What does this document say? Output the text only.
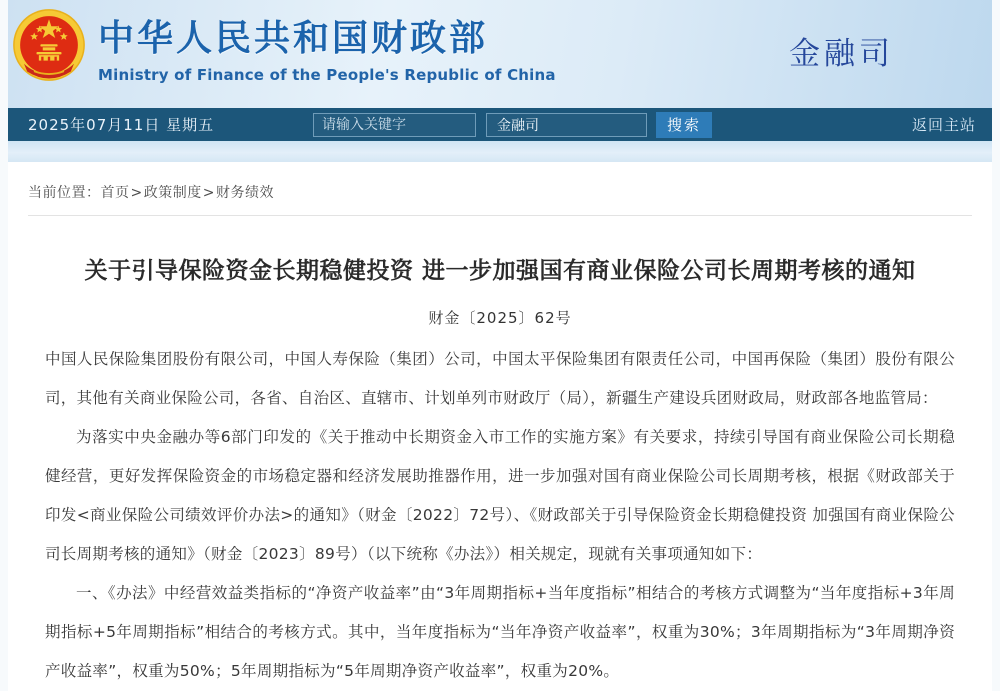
中华人民共和国财政部
Ministry of Finance of the People's Republic of China
金融司
2025年07月11日 星期五
请输入关键字	金融司	搜索	返回主站
当前位置：首页>政策制度>财务绩效
关于引导保险资金长期稳健投资 进一步加强国有商业保险公司长周期考核的通知
财金〔2025〕62号

中国人民保险集团股份有限公司，中国人寿保险（集团）公司，中国太平保险集团有限责任公司，中国再保险（集团）股份有限公司，其他有关商业保险公司，各省、自治区、直辖市、计划单列市财政厅（局），新疆生产建设兵团财政局，财政部各地监管局：

为落实中央金融办等6部门印发的《关于推动中长期资金入市工作的实施方案》有关要求，持续引导国有商业保险公司长期稳健经营，更好发挥保险资金的市场稳定器和经济发展助推器作用，进一步加强对国有商业保险公司长周期考核，根据《财政部关于印发<商业保险公司绩效评价办法>的通知》（财金〔2022〕72号）、《财政部关于引导保险资金长期稳健投资 加强国有商业保险公司长周期考核的通知》（财金〔2023〕89号）（以下统称《办法》）相关规定，现就有关事项通知如下：

一、《办法》中经营效益类指标的“净资产收益率”由“3年周期指标+当年度指标”相结合的考核方式调整为“当年度指标+3年周期指标+5年周期指标”相结合的考核方式。其中，当年度指标为“当年净资产收益率”，权重为30%；3年周期指标为“3年周期净资产收益率”，权重为50%；5年周期指标为“5年周期净资产收益率”，权重为20%。
